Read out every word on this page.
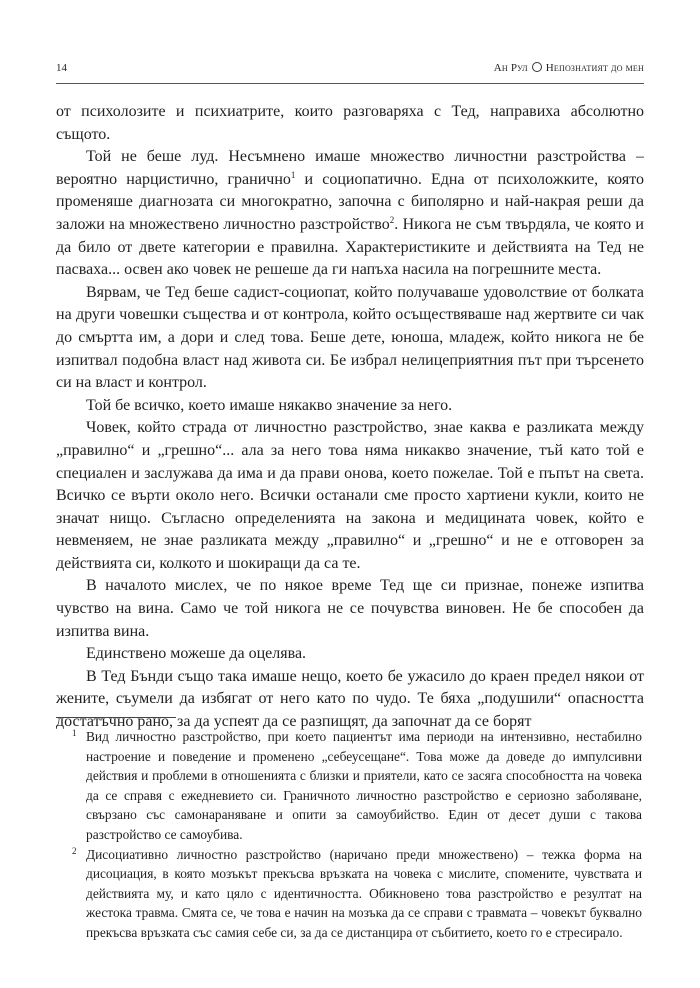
14	Ан Рул Непознатият до мен

от психолозите и психиатрите, които разговаряха с Тед, направиха абсолютно същото.

Той не беше луд. Несъмнено имаше множество личностни разстройства – вероятно нарцистично, гранично$^1$ и социопатично. Една от психоложките, която променяше диагнозата си многократно, започна с биполярно и най-накрая реши да заложи на множествено личностно разстройство$^2$. Никога не съм твърдяла, че която и да било от двете категории е правилна. Характеристиките и действията на Тед не пасваха... освен ако човек не решеше да ги напъха насила на погрешните места.

Вярвам, че Тед беше садист-социопат, който получаваше удоволствие от болката на други човешки същества и от контрола, който осъществяваше над жертвите си чак до смъртта им, а дори и след това. Беше дете, юноша, младеж, който никога не бе изпитвал подобна власт над живота си. Бе избрал нелицеприятния път при търсенето си на власт и контрол.

Той бе всичко, което имаше някакво значение за него.

Човек, който страда от личностно разстройство, знае каква е разликата между „правилно“ и „грешно“... ала за него това няма никакво значение, тъй като той е специален и заслужава да има и да прави онова, което пожелае. Той е пъпът на света. Всичко се върти около него. Всички останали сме просто хартиени кукли, които не значат нищо. Съгласно определенията на закона и медицината човек, който е невменяем, не знае разликата между „правилно“ и „грешно“ и не е отговорен за действията си, колкото и шокиращи да са те.

В началото мислех, че по някое време Тед ще си признае, понеже изпитва чувство на вина. Само че той никога не се почувства виновен. Не бе способен да изпитва вина.

Единствено можеше да оцелява.

В Тед Бънди също така имаше нещо, което бе ужасило до краен предел някои от жените, съумели да избягат от него като по чудо. Те бяха „подушили“ опасността достатъчно рано, за да успеят да се разпищят, да започнат да се борят

1 Вид личностно разстройство, при което пациентът има периоди на интензивно, нестабилно настроение и поведение и променено „себеусещане“. Това може да доведе до импулсивни действия и проблеми в отношенията с близки и приятели, като се засяга способността на човека да се справя с ежедневието си. Граничното личностно разстройство е сериозно заболяване, свързано със самонараняване и опити за самоубийство. Един от десет души с такова разстройство се самоубива.

2 Дисоциативно личностно разстройство (наричано преди множествено) – тежка форма на дисоциация, в която мозъкът прекъсва връзката на човека с мислите, спомените, чувствата и действията му, и като цяло с идентичността. Обикновено това разстройство е резултат на жестока травма. Смята се, че това е начин на мозъка да се справи с травмата – човекът буквално прекъсва връзката със самия себе си, за да се дистанцира от събитието, което го е стресирало.
